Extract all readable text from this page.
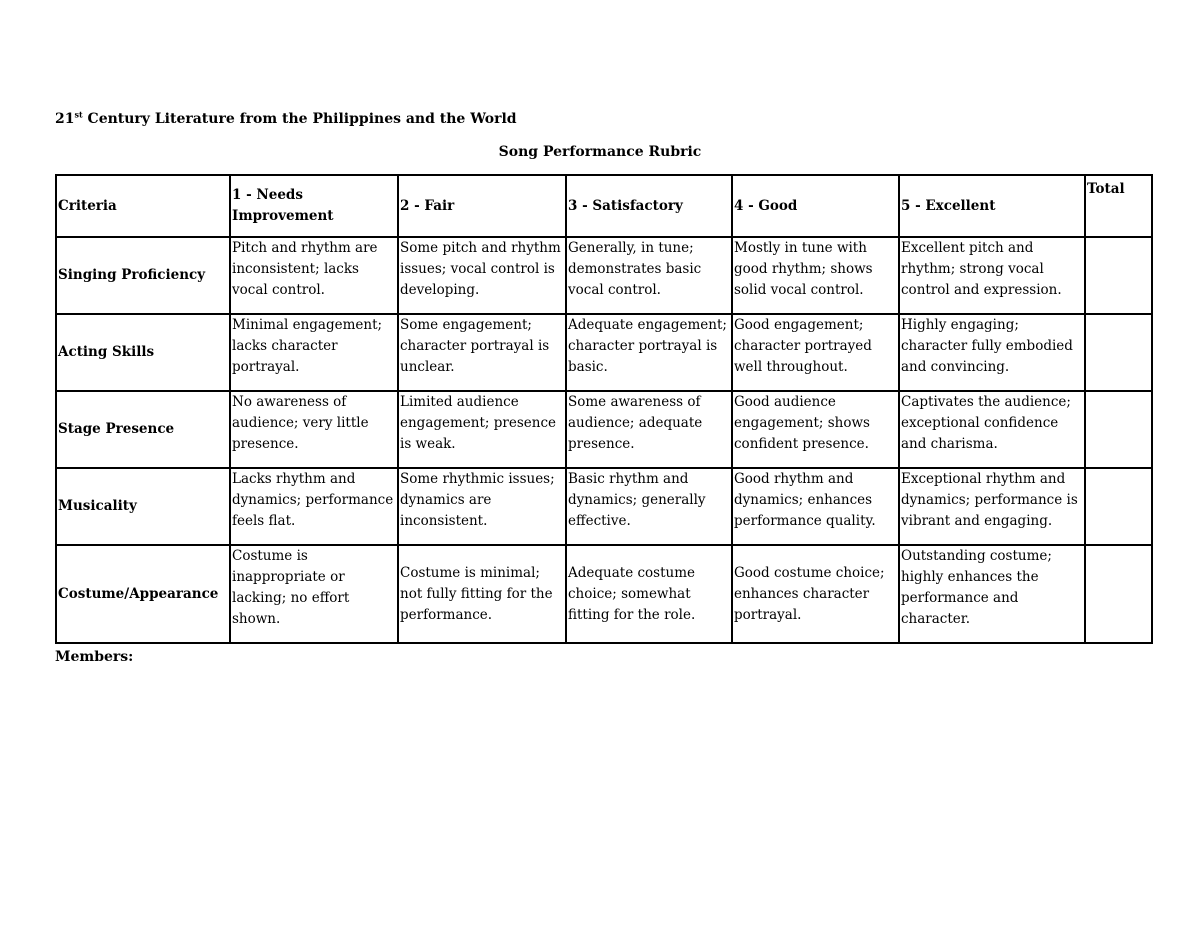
21st Century Literature from the Philippines and the World
Song Performance Rubric
Criteria	1 - Needs Improvement	2 - Fair	3 - Satisfactory	4 - Good	5 - Excellent	Total
Singing Proficiency	Pitch and rhythm are inconsistent; lacks vocal control.	Some pitch and rhythm issues; vocal control is developing.	Generally, in tune; demonstrates basic vocal control.	Mostly in tune with good rhythm; shows solid vocal control.	Excellent pitch and rhythm; strong vocal control and expression.	
Acting Skills	Minimal engagement; lacks character portrayal.	Some engagement; character portrayal is unclear.	Adequate engagement; character portrayal is basic.	Good engagement; character portrayed well throughout.	Highly engaging; character fully embodied and convincing.	
Stage Presence	No awareness of audience; very little presence.	Limited audience engagement; presence is weak.	Some awareness of audience; adequate presence.	Good audience engagement; shows confident presence.	Captivates the audience; exceptional confidence and charisma.	
Musicality	Lacks rhythm and dynamics; performance feels flat.	Some rhythmic issues; dynamics are inconsistent.	Basic rhythm and dynamics; generally effective.	Good rhythm and dynamics; enhances performance quality.	Exceptional rhythm and dynamics; performance is vibrant and engaging.	
Costume/Appearance	Costume is inappropriate or lacking; no effort shown.	Costume is minimal; not fully fitting for the performance.	Adequate costume choice; somewhat fitting for the role.	Good costume choice; enhances character portrayal.	Outstanding costume; highly enhances the performance and character.	
Members:
